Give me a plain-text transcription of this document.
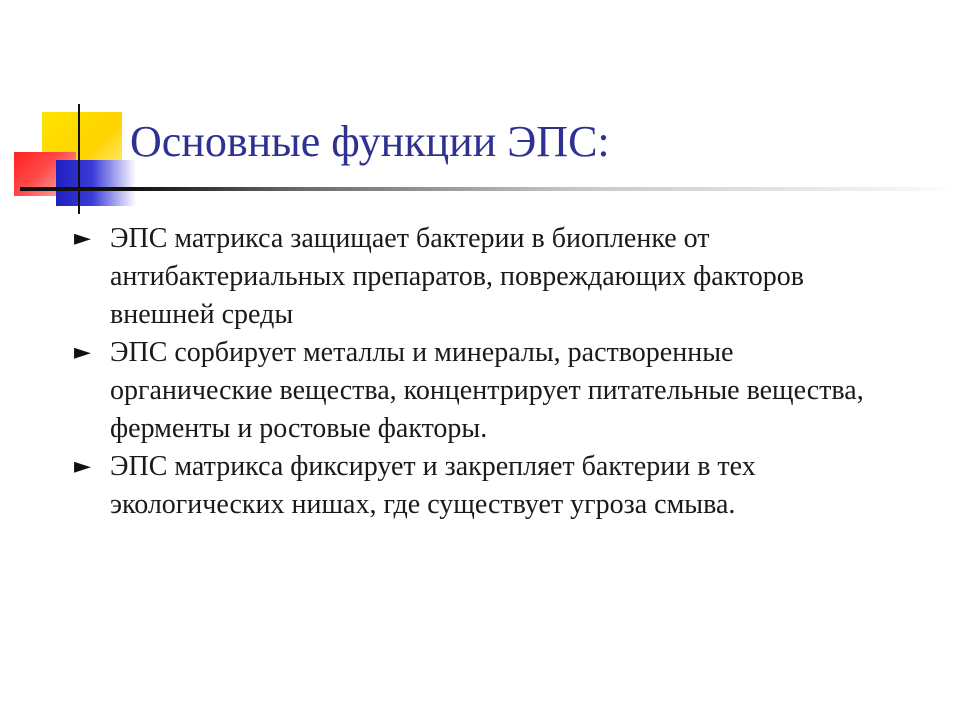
Основные функции ЭПС:
► ЭПС матрикса защищает бактерии в биопленке от антибактериальных препаратов, повреждающих факторов внешней среды
► ЭПС сорбирует металлы и минералы, растворенные органические вещества, концентрирует питательные вещества, ферменты и ростовые факторы.
► ЭПС матрикса фиксирует и закрепляет бактерии в тех экологических нишах, где существует угроза смыва.
